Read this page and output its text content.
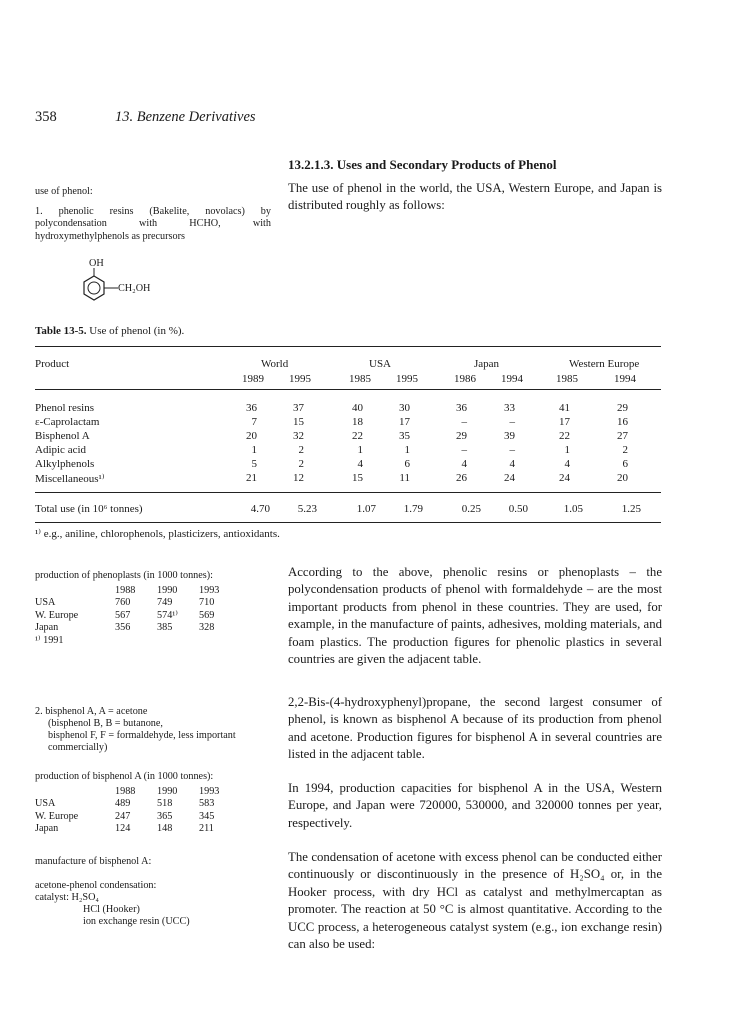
358	13. Benzene Derivatives
13.2.1.3. Uses and Secondary Products of Phenol
The use of phenol in the world, the USA, Western Europe, and Japan is distributed roughly as follows:
use of phenol:
1. phenolic resins (Bakelite, novolacs) by polycondensation with HCHO, with hydroxymethylphenols as precursors
OH
CH₂OH
Table 13-5. Use of phenol (in %).
Product	World	USA	Japan	Western Europe
1989 1995	1985 1995	1986 1994	1985	1994
Phenol resins	36	37	40	30	36	33	41	29
ε-Caprolactam	7	15	18	17	–	–	17	16
Bisphenol A	20	32	22	35	29	39	22	27
Adipic acid	1	2	1	1	–	–	1	2
Alkylphenols	5	2	4	6	4	4	4	6
Miscellaneous¹⁾	21	12	15	11	26	24	24	20
Total use (in 10⁶ tonnes)	4.70	5.23	1.07	1.79	0.25	0.50	1.05	1.25
¹⁾ e.g., aniline, chlorophenols, plasticizers, antioxidants.
production of phenoplasts (in 1000 tonnes):
	1988	1990	1993
USA	760	749	710
W. Europe	567	574¹⁾	569
Japan	356	385	328
¹⁾ 1991			
According to the above, phenolic resins or phenoplasts – the polycondensation products of phenol with formaldehyde – are the most important products from phenol in these countries. They are used, for example, in the manufacture of paints, adhesives, molding materials, and foam plastics. The production figures for phenolic plastics in several countries are given the adjacent table.
2. bisphenol A, A = acetone
(bisphenol B, B = butanone,
bisphenol F, F = formaldehyde, less important commercially)
2,2-Bis-(4-hydroxyphenyl)propane, the second largest consumer of phenol, is known as bisphenol A because of its production from phenol and acetone. Production figures for bisphenol A in several countries are listed in the adjacent table.
production of bisphenol A (in 1000 tonnes):
	1988	1990	1993
USA	489	518	583
W. Europe	247	365	345
Japan	124	148	211
In 1994, production capacities for bisphenol A in the USA, Western Europe, and Japan were 720000, 530000, and 320000 tonnes per year, respectively.
manufacture of bisphenol A:
acetone-phenol condensation:
catalyst: H₂SO₄
HCl (Hooker)
ion exchange resin (UCC)
The condensation of acetone with excess phenol can be conducted either continuously or discontinuously in the presence of H₂SO₄ or, in the Hooker process, with dry HCl as catalyst and methylmercaptan as promoter. The reaction at 50 °C is almost quantitative. According to the UCC process, a heterogeneous catalyst system (e.g., ion exchange resin) can also be used:
